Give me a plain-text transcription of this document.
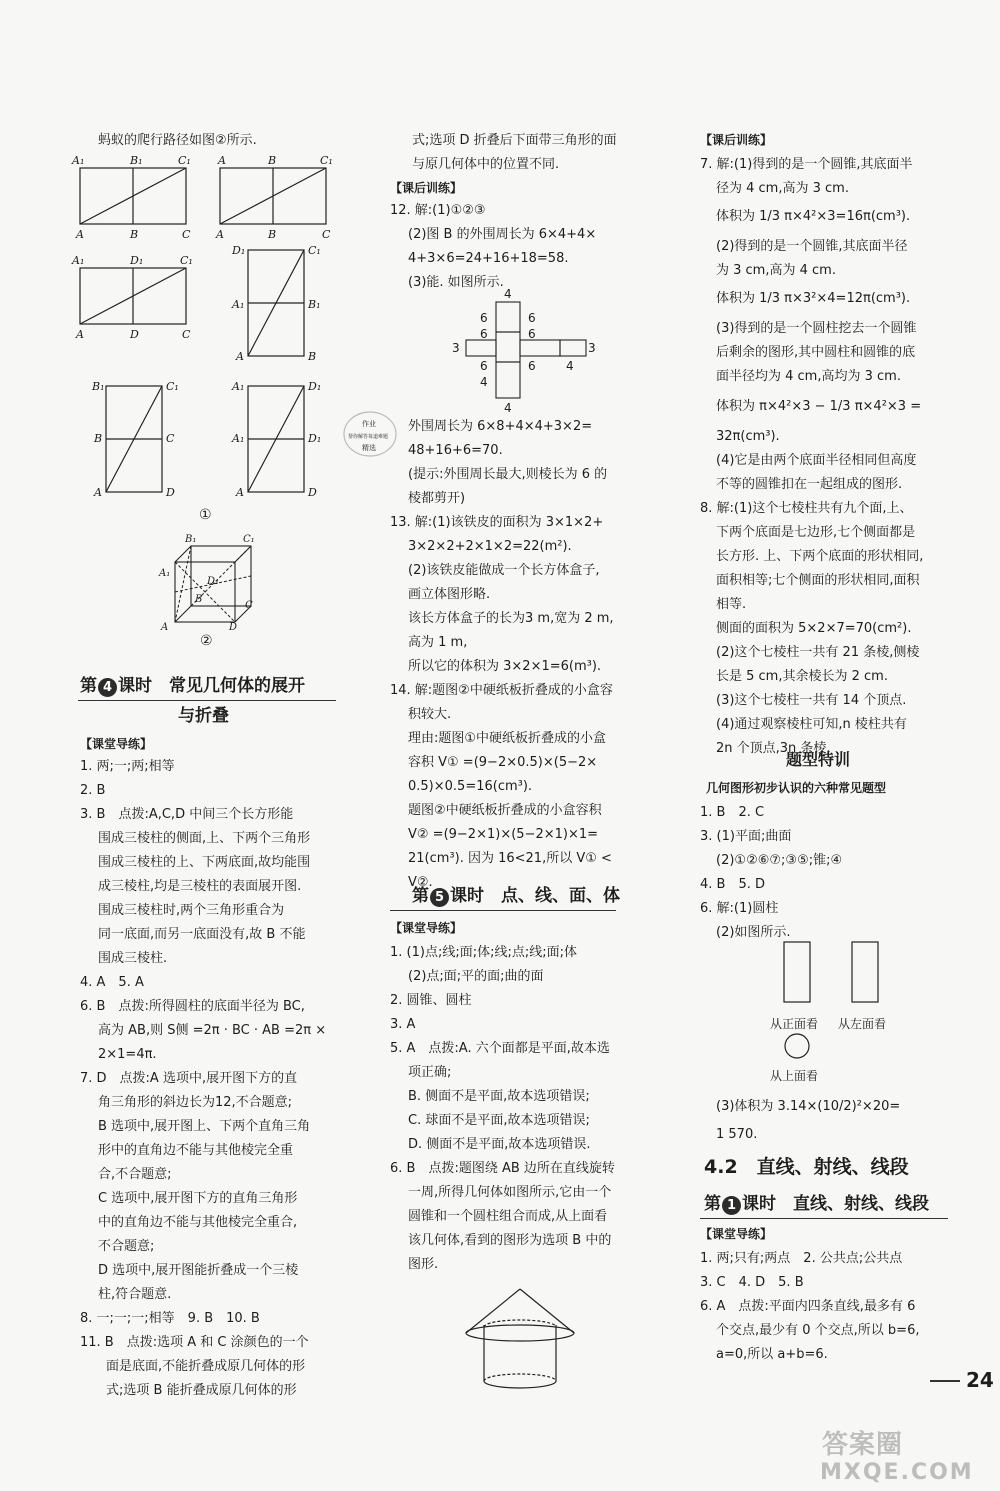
蚂蚁的爬行路径如图②所示.
A₁	B₁	C₁
A	B	C
A	B	C₁
A	B	C
A₁	D₁	C₁
A	D	C
D₁	C₁
A₁	B₁
A	B
B₁	C₁
B	C
A	D
A₁	D₁
A₁	D₁
A	D
①
B₁	C₁
A₁
D₁
B
C
A	D
②
第 4 课时　常见几何体的展开
与折叠
【课堂导练】
1. 两;一;两;相等
2. B
3. B　点拨:A,C,D 中间三个长方形能
围成三棱柱的侧面,上、下两个三角形
围成三棱柱的上、下两底面,故均能围
成三棱柱,均是三棱柱的表面展开图.
围成三棱柱时,两个三角形重合为
同一底面,而另一底面没有,故 B 不能
围成三棱柱.
4. A　5. A
6. B　点拨:所得圆柱的底面半径为 BC,
高为 AB,则 S侧 =2π · BC · AB =2π ×
2×1=4π.
7. D　点拨:A 选项中,展开图下方的直
角三角形的斜边长为12,不合题意;
B 选项中,展开图上、下两个直角三角
形中的直角边不能与其他棱完全重
合,不合题意;
C 选项中,展开图下方的直角三角形
中的直角边不能与其他棱完全重合,
不合题意;
D 选项中,展开图能折叠成一个三棱
柱,符合题意.
8. 一;一;一;相等　9. B　10. B
11. B　点拨:选项 A 和 C 涂颜色的一个
面是底面,不能折叠成原几何体的形
式;选项 B 能折叠成原几何体的形
式;选项 D 折叠后下面带三角形的面
与原几何体中的位置不同.
【课后训练】
12. 解:(1)①②③
(2)图 B 的外围周长为 6×4+4×
4+3×6=24+16+18=58.
(3)能. 如图所示.
4
6	6
6	6
3	3
6	6	4
4
4
作业
帮你解答每道难题
精选
外围周长为 6×8+4×4+3×2=
48+16+6=70.
(提示:外围周长最大,则棱长为 6 的
棱都剪开)
13. 解:(1)该铁皮的面积为 3×1×2+
3×2×2+2×1×2=22(m²).
(2)该铁皮能做成一个长方体盒子,
画立体图形略.
该长方体盒子的长为3 m,宽为 2 m,
高为 1 m,
所以它的体积为 3×2×1=6(m³).
14. 解:题图②中硬纸板折叠成的小盒容
积较大.
理由:题图①中硬纸板折叠成的小盒
容积 V① =(9−2×0.5)×(5−2×
0.5)×0.5=16(cm³).
题图②中硬纸板折叠成的小盒容积
V② =(9−2×1)×(5−2×1)×1=
21(cm³). 因为 16<21,所以 V① <
V②.
第 5 课时　点、线、面、体
【课堂导练】
1. (1)点;线;面;体;线;点;线;面;体
(2)点;面;平的面;曲的面
2. 圆锥、圆柱
3. A
5. A　点拨:A. 六个面都是平面,故本选
项正确;
B. 侧面不是平面,故本选项错误;
C. 球面不是平面,故本选项错误;
D. 侧面不是平面,故本选项错误.
6. B　点拨:题图绕 AB 边所在直线旋转
一周,所得几何体如图所示,它由一个
圆锥和一个圆柱组合而成,从上面看
该几何体,看到的图形为选项 B 中的
图形.
【课后训练】
7. 解:(1)得到的是一个圆锥,其底面半
径为 4 cm,高为 3 cm.
体积为 1/3 π×4²×3=16π(cm³).
(2)得到的是一个圆锥,其底面半径
为 3 cm,高为 4 cm.
体积为 1/3 π×3²×4=12π(cm³).
(3)得到的是一个圆柱挖去一个圆锥
后剩余的图形,其中圆柱和圆锥的底
面半径均为 4 cm,高均为 3 cm.
体积为 π×4²×3 − 1/3 π×4²×3 =
32π(cm³).
(4)它是由两个底面半径相同但高度
不等的圆锥扣在一起组成的图形.
8. 解:(1)这个七棱柱共有九个面,上、
下两个底面是七边形,七个侧面都是
长方形. 上、下两个底面的形状相同,
面积相等;七个侧面的形状相同,面积
相等.
侧面的面积为 5×2×7=70(cm²).
(2)这个七棱柱一共有 21 条棱,侧棱
长是 5 cm,其余棱长为 2 cm.
(3)这个七棱柱一共有 14 个顶点.
(4)通过观察棱柱可知,n 棱柱共有
2n 个顶点,3n 条棱.
题型特训
几何图形初步认识的六种常见题型
1. B　2. C
3. (1)平面;曲面
(2)①②⑥⑦;③⑤;锥;④
4. B　5. D
6. 解:(1)圆柱
(2)如图所示.
从正面看 从左面看
从上面看
(3)体积为 3.14×(10/2)²×20=
1 570.
4.2　直线、射线、线段
第 1 课时　直线、射线、线段
【课堂导练】
1. 两;只有;两点　2. 公共点;公共点
3. C　4. D　5. B
6. A　点拨:平面内四条直线,最多有 6
个交点,最少有 0 个交点,所以 b=6,
a=0,所以 a+b=6.
24
答案圈
MXQE.COM
